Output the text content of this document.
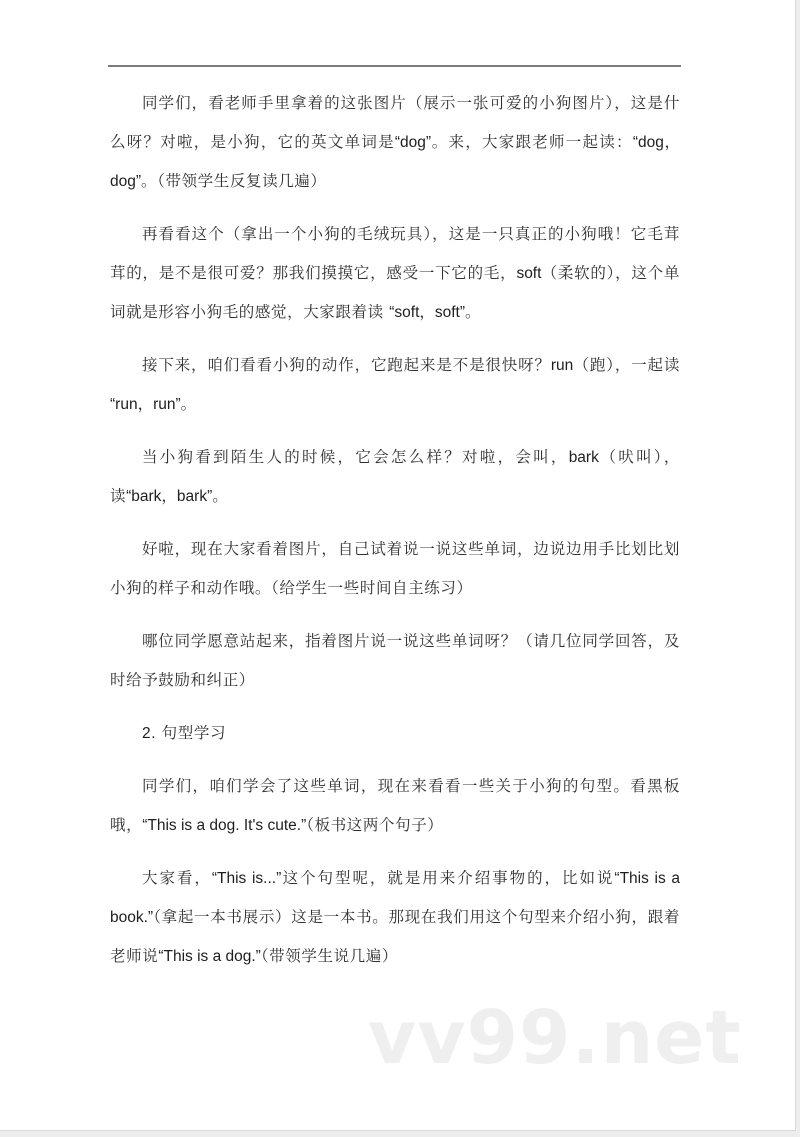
同学们，看老师手里拿着的这张图片（展示一张可爱的小狗图片），这是什么呀？对啦，是小狗，它的英文单词是“dog”。来，大家跟老师一起读：“dog，dog”。（带领学生反复读几遍）

再看看这个（拿出一个小狗的毛绒玩具），这是一只真正的小狗哦！它毛茸茸的，是不是很可爱？那我们摸摸它，感受一下它的毛，soft（柔软的），这个单词就是形容小狗毛的感觉，大家跟着读 “soft，soft”。

接下来，咱们看看小狗的动作，它跑起来是不是很快呀？run（跑），一起读 “run，run”。

当小狗看到陌生人的时候，它会怎么样？对啦，会叫，bark（吠叫），读“bark，bark”。

好啦，现在大家看着图片，自己试着说一说这些单词，边说边用手比划比划小狗的样子和动作哦。（给学生一些时间自主练习）

哪位同学愿意站起来，指着图片说一说这些单词呀？（请几位同学回答，及时给予鼓励和纠正）

2. 句型学习

同学们，咱们学会了这些单词，现在来看看一些关于小狗的句型。看黑板哦，“This is a dog. It's cute.”（板书这两个句子）

大家看，“This is...”这个句型呢，就是用来介绍事物的，比如说“This is a book.”（拿起一本书展示）这是一本书。那现在我们用这个句型来介绍小狗，跟着老师说“This is a dog.”（带领学生说几遍）

vv99.net
